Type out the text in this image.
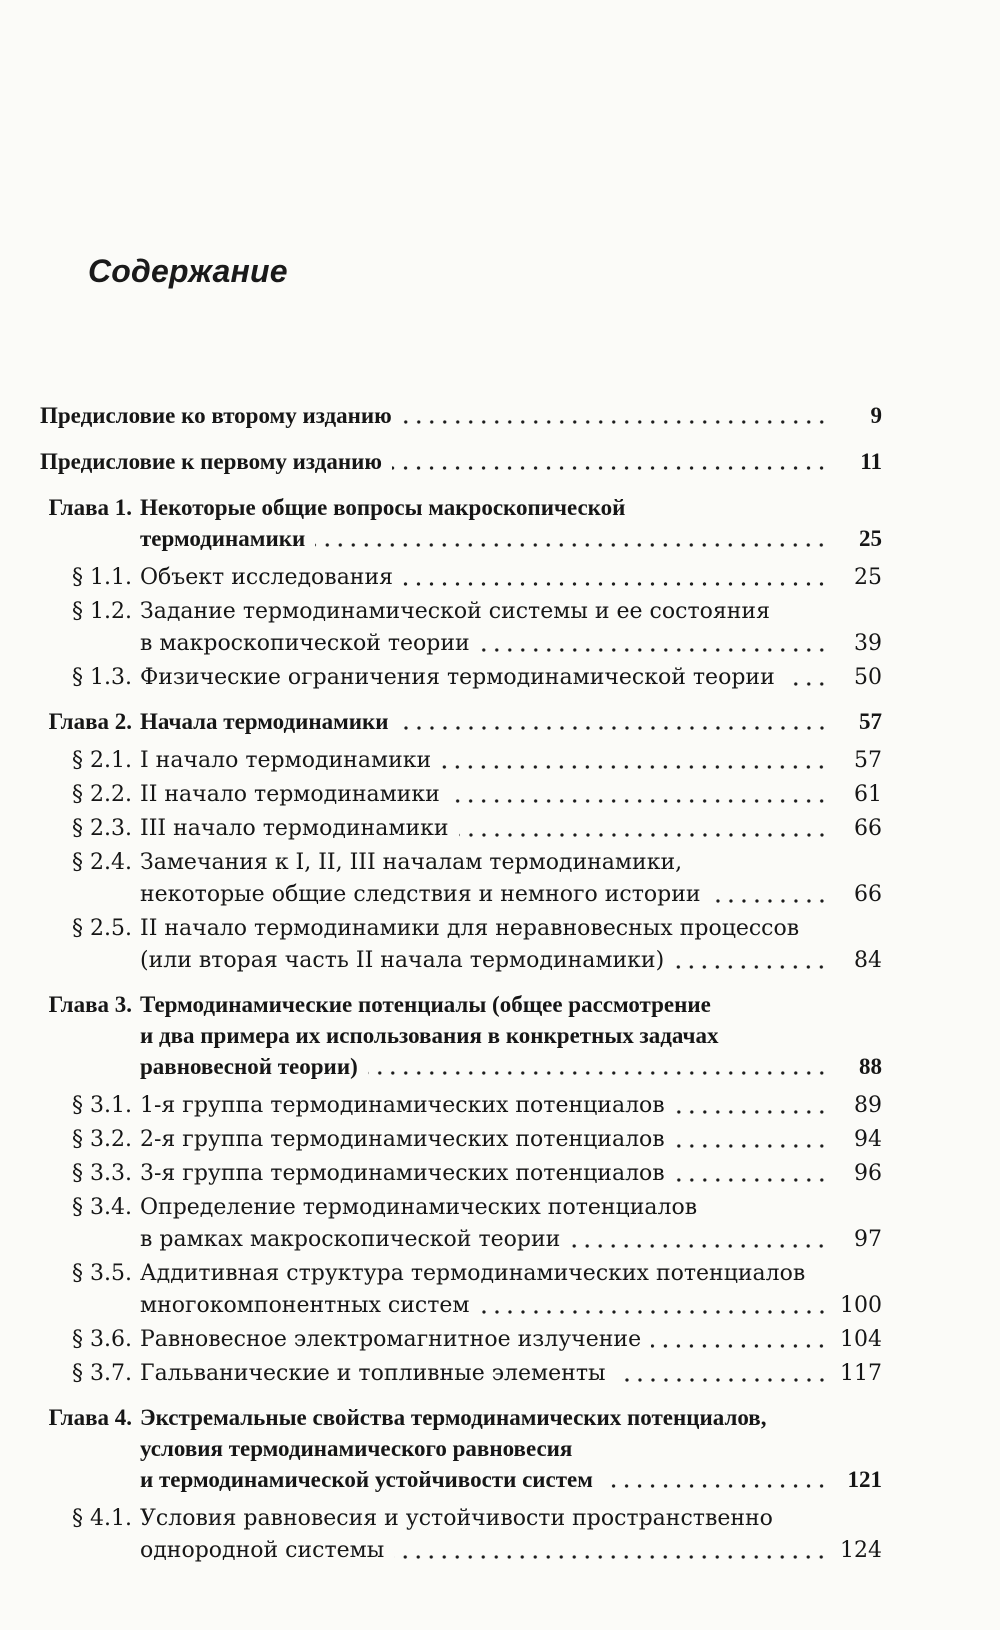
Содержание
Предисловие ко второму изданию	9
Предисловие к первому изданию	11
Глава 1. Некоторые общие вопросы макроскопической
термодинамики	25
§ 1.1. Объект исследования	25
§ 1.2. Задание термодинамической системы и ее состояния
в макроскопической теории	39
§ 1.3. Физические ограничения термодинамической теории	50
Глава 2. Начала термодинамики	57
§ 2.1. I начало термодинамики	57
§ 2.2. II начало термодинамики	61
§ 2.3. III начало термодинамики	66
§ 2.4. Замечания к I, II, III началам термодинамики,
некоторые общие следствия и немного истории	66
§ 2.5. II начало термодинамики для неравновесных процессов
(или вторая часть II начала термодинамики)	84
Глава 3. Термодинамические потенциалы (общее рассмотрение
и два примера их использования в конкретных задачах
равновесной теории)	88
§ 3.1. 1-я группа термодинамических потенциалов	89
§ 3.2. 2-я группа термодинамических потенциалов	94
§ 3.3. 3-я группа термодинамических потенциалов	96
§ 3.4. Определение термодинамических потенциалов
в рамках макроскопической теории	97
§ 3.5. Аддитивная структура термодинамических потенциалов
многокомпонентных систем	100
§ 3.6. Равновесное электромагнитное излучение	104
§ 3.7. Гальванические и топливные элементы	117
Глава 4. Экстремальные свойства термодинамических потенциалов,
условия термодинамического равновесия
и термодинамической устойчивости систем	121
§ 4.1. Условия равновесия и устойчивости пространственно
однородной системы	124
